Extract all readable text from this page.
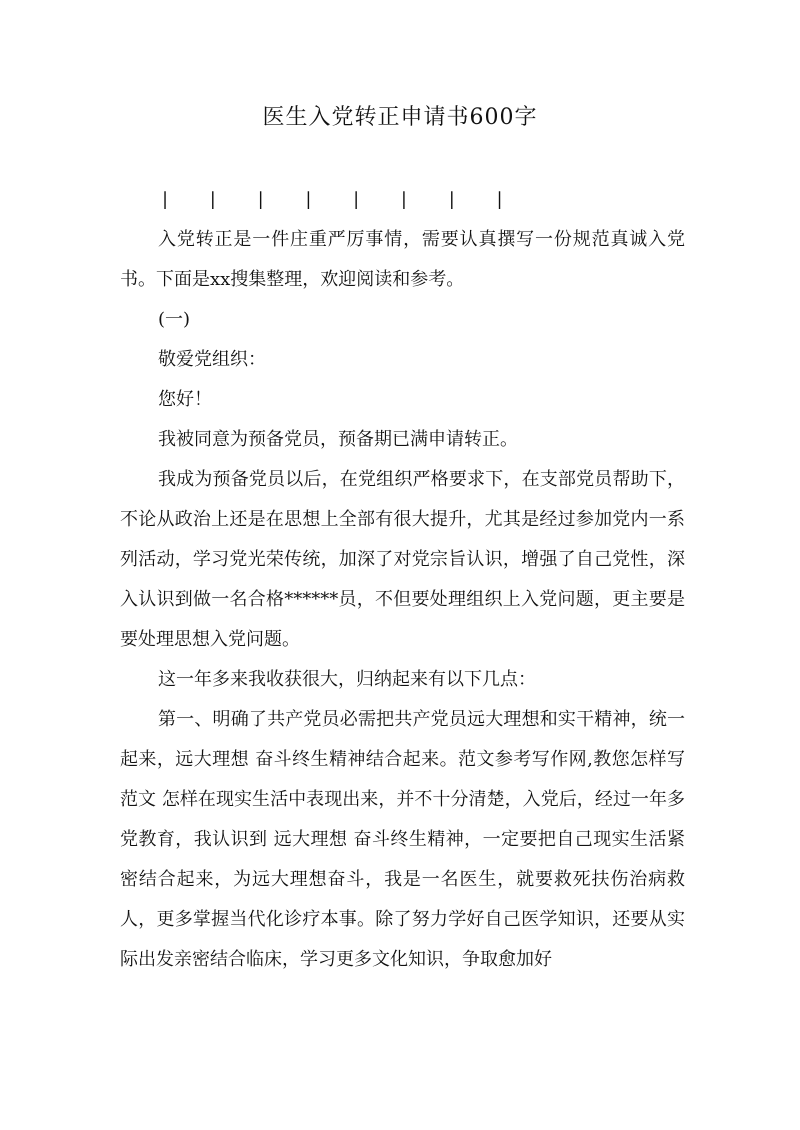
医生入党转正申请书600字

| | | | | | | |

入党转正是一件庄重严厉事情，需要认真撰写一份规范真诚入党书。下面是xx搜集整理，欢迎阅读和参考。

(一)

敬爱党组织：

您好！

我被同意为预备党员，预备期已满申请转正。

我成为预备党员以后，在党组织严格要求下，在支部党员帮助下，不论从政治上还是在思想上全部有很大提升，尤其是经过参加党内一系列活动，学习党光荣传统，加深了对党宗旨认识，增强了自己党性，深入认识到做一名合格******员，不但要处理组织上入党问题，更主要是要处理思想入党问题。

这一年多来我收获很大，归纳起来有以下几点：

第一、明确了共产党员必需把共产党员远大理想和实干精神，统一起来，远大理想 奋斗终生精神结合起来。范文参考写作网,教您怎样写范文 怎样在现实生活中表现出来，并不十分清楚，入党后，经过一年多党教育，我认识到 远大理想 奋斗终生精神，一定要把自己现实生活紧密结合起来，为远大理想奋斗，我是一名医生，就要救死扶伤治病救人，更多掌握当代化诊疗本事。除了努力学好自己医学知识，还要从实际出发亲密结合临床，学习更多文化知识，争取愈加好
